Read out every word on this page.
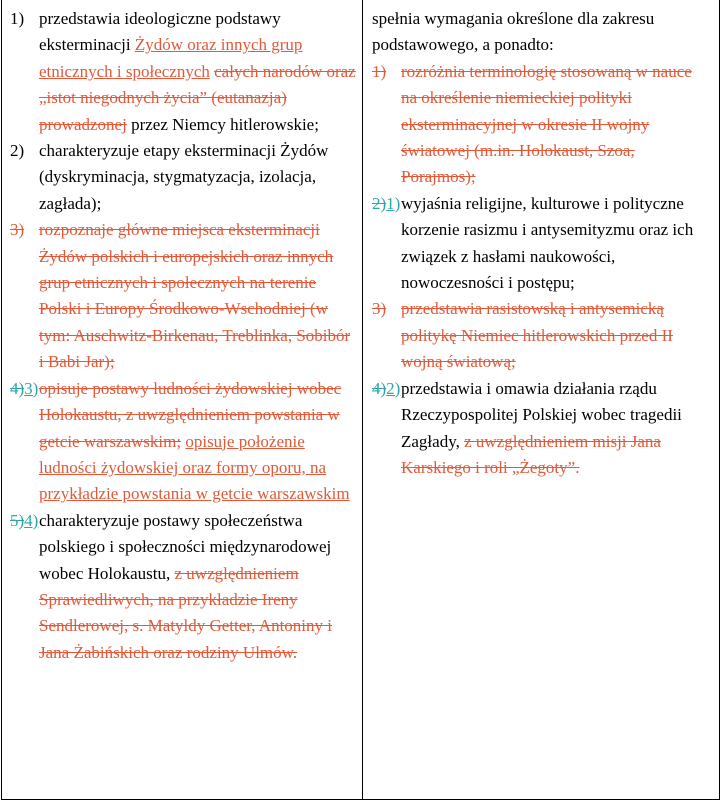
1) przedstawia ideologiczne podstawy eksterminacji Żydów oraz innych grup etnicznych i społecznych całych narodów oraz „istot niegodnych życia” (eutanazja) prowadzonej przez Niemcy hitlerowskie;
2) charakteryzuje etapy eksterminacji Żydów (dyskryminacja, stygmatyzacja, izolacja, zagłada);
3) rozpoznaje główne miejsca eksterminacji Żydów polskich i europejskich oraz innych grup etnicznych i społecznych na terenie Polski i Europy Środkowo-Wschodniej (w tym: Auschwitz-Birkenau, Treblinka, Sobibór i Babi Jar);
4)3) opisuje postawy ludności żydowskiej wobec Holokaustu, z uwzględnieniem powstania w getcie warszawskim; opisuje położenie ludności żydowskiej oraz formy oporu, na przykładzie powstania w getcie warszawskim
5)4) charakteryzuje postawy społeczeństwa polskiego i społeczności międzynarodowej wobec Holokaustu, z uwzględnieniem Sprawiedliwych, na przykładzie Ireny Sendlerowej, s. Matyldy Getter, Antoniny i Jana Żabińskich oraz rodziny Ulmów.
spełnia wymagania określone dla zakresu podstawowego, a ponadto:
1) rozróżnia terminologię stosowaną w nauce na określenie niemieckiej polityki eksterminacyjnej w okresie II wojny światowej (m.in. Holokaust, Szoa, Porajmos);
2)1) wyjaśnia religijne, kulturowe i polityczne korzenie rasizmu i antysemityzmu oraz ich związek z hasłami naukowości, nowoczesności i postępu;
3) przedstawia rasistowską i antysemicką politykę Niemiec hitlerowskich przed II wojną światową;
4)2) przedstawia i omawia działania rządu Rzeczypospolitej Polskiej wobec tragedii Zagłady, z uwzględnieniem misji Jana Karskiego i roli „Żegoty”.
